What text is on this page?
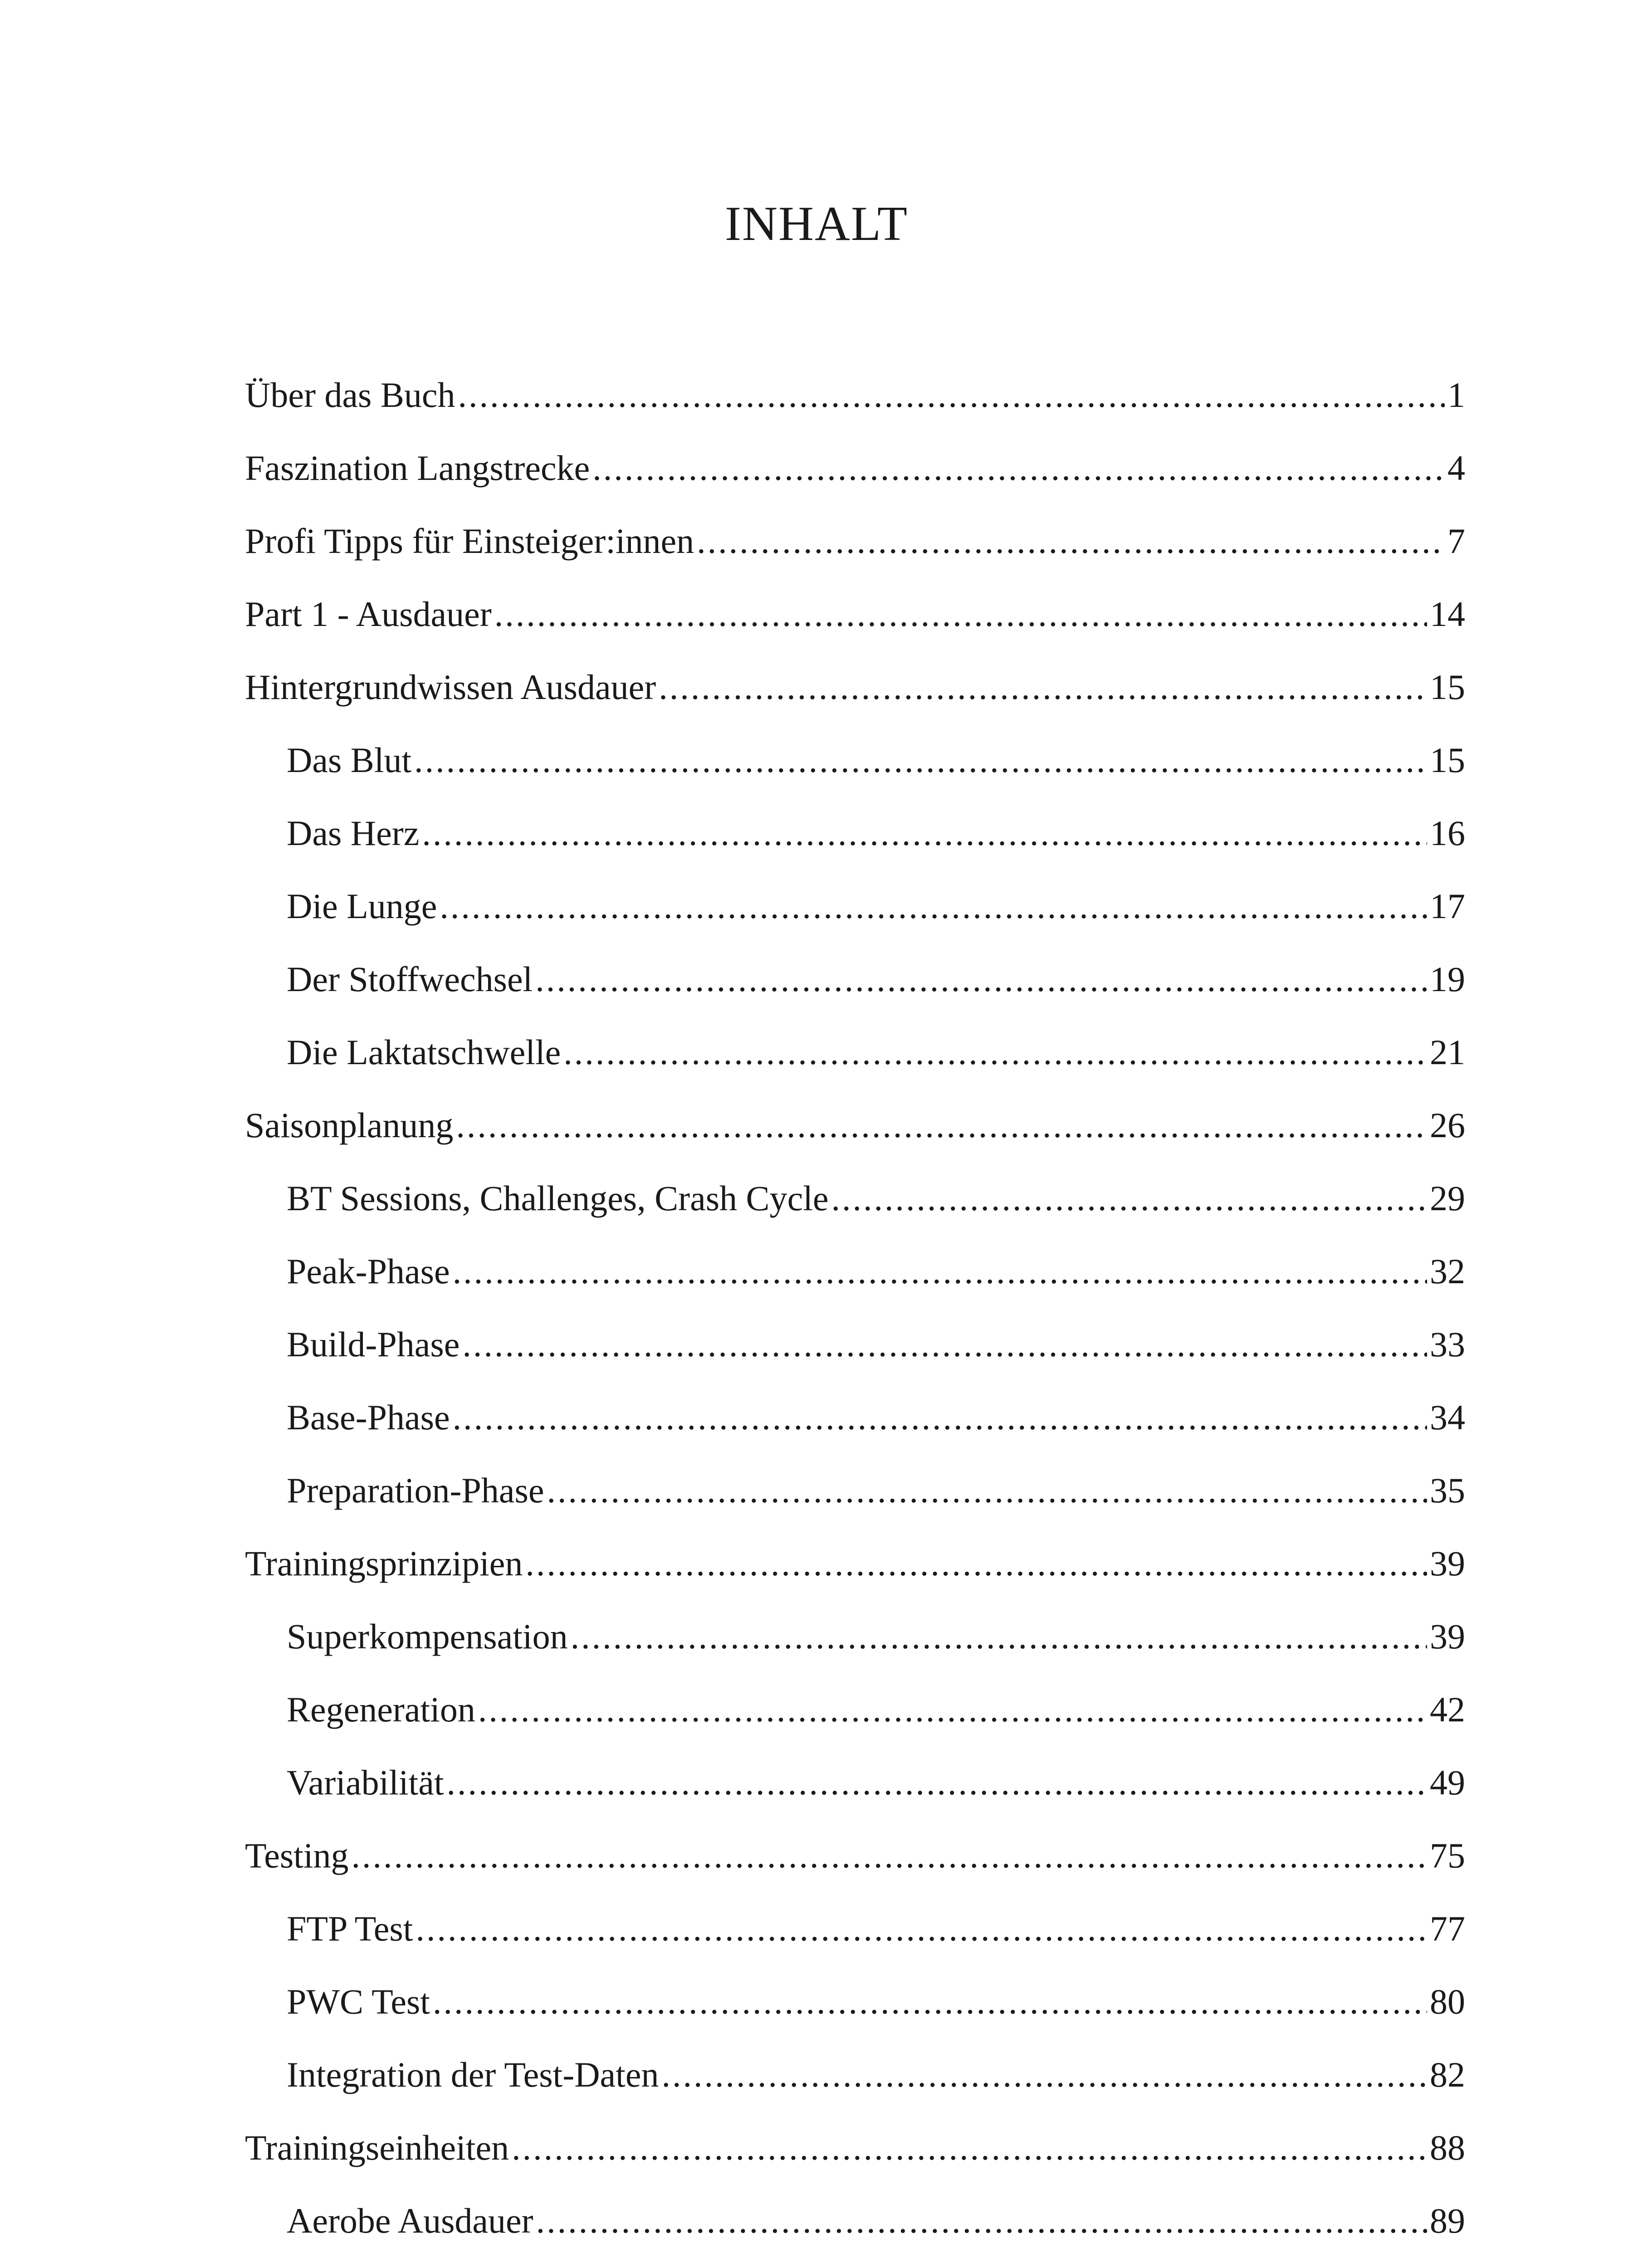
INHALT
Über das Buch .....	1
Faszination Langstrecke .....	4
Profi Tipps für Einsteiger:innen .....	7
Part 1 - Ausdauer .....	14
Hintergrundwissen Ausdauer .....	15
Das Blut .....	15
Das Herz .....	16
Die Lunge .....	17
Der Stoffwechsel .....	19
Die Laktatschwelle .....	21
Saisonplanung .....	26
BT Sessions, Challenges, Crash Cycle .....	29
Peak-Phase .....	32
Build-Phase .....	33
Base-Phase .....	34
Preparation-Phase .....	35
Trainingsprinzipien .....	39
Superkompensation .....	39
Regeneration .....	42
Variabilität .....	49
Testing .....	75
FTP Test .....	77
PWC Test .....	80
Integration der Test-Daten .....	82
Trainingseinheiten .....	88
Aerobe Ausdauer .....	89
